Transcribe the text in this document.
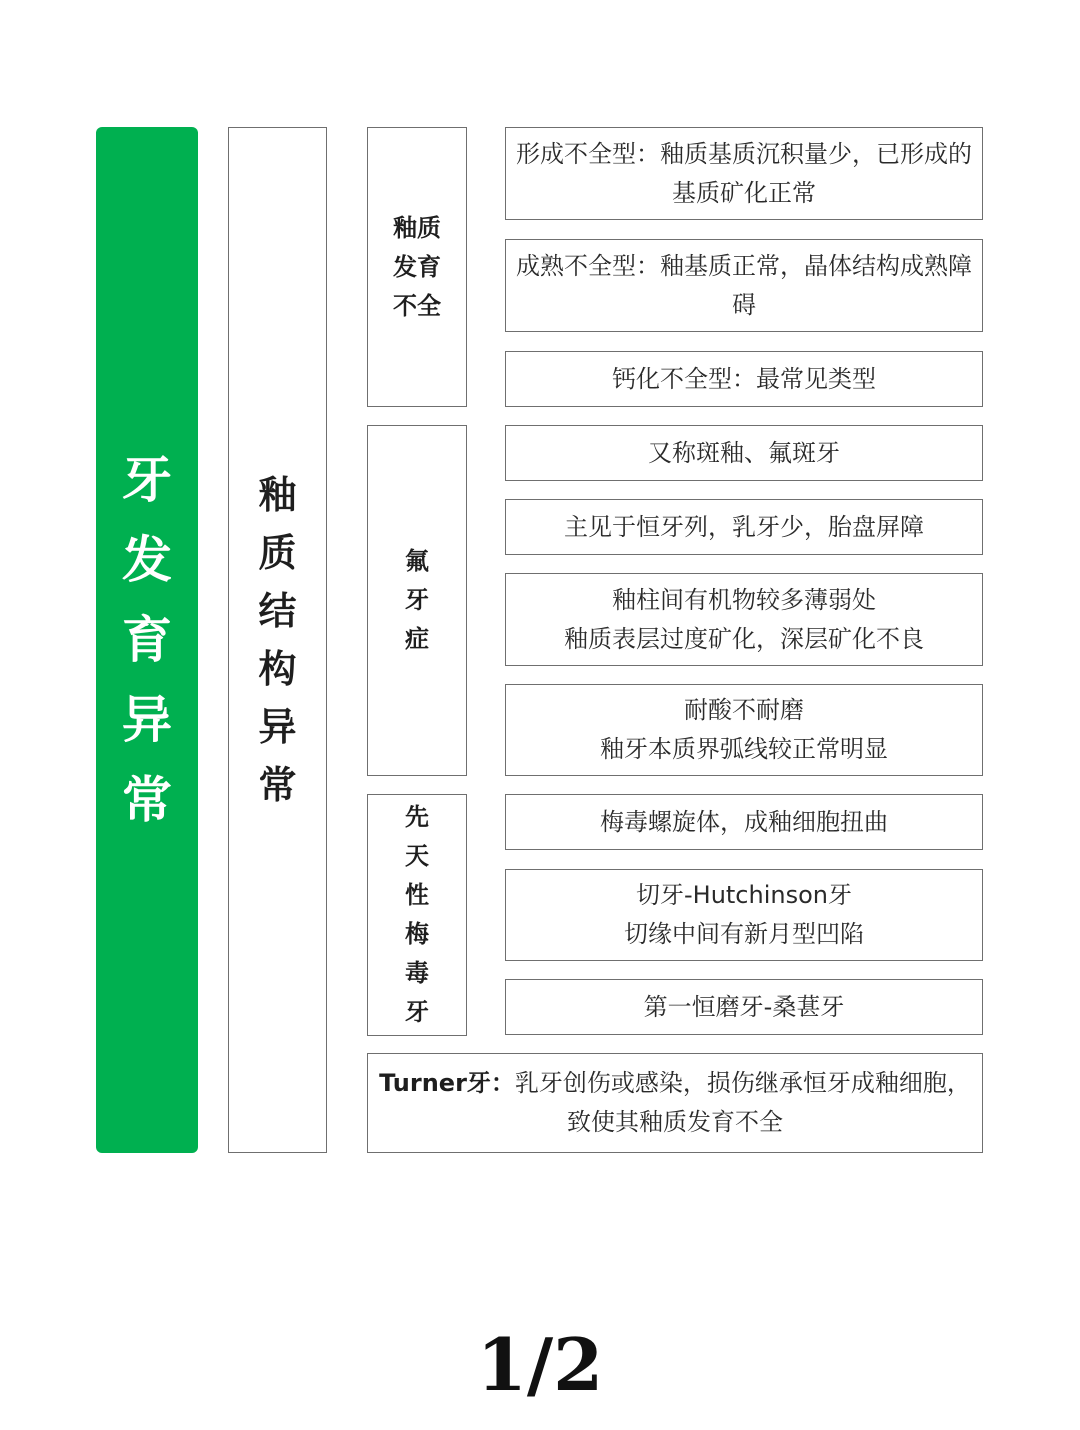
牙发育异常
釉质结构异常
釉质发育不全
形成不全型：釉质基质沉积量少，已形成的基质矿化正常
成熟不全型：釉基质正常，晶体结构成熟障碍
钙化不全型：最常见类型
氟牙症
又称斑釉、氟斑牙
主见于恒牙列，乳牙少，胎盘屏障
釉柱间有机物较多薄弱处
釉质表层过度矿化，深层矿化不良
耐酸不耐磨
釉牙本质界弧线较正常明显
先天性梅毒牙
梅毒螺旋体，成釉细胞扭曲
切牙-Hutchinson牙
切缘中间有新月型凹陷
第一恒磨牙-桑葚牙
Turner牙：乳牙创伤或感染，损伤继承恒牙成釉细胞，致使其釉质发育不全
1/2
